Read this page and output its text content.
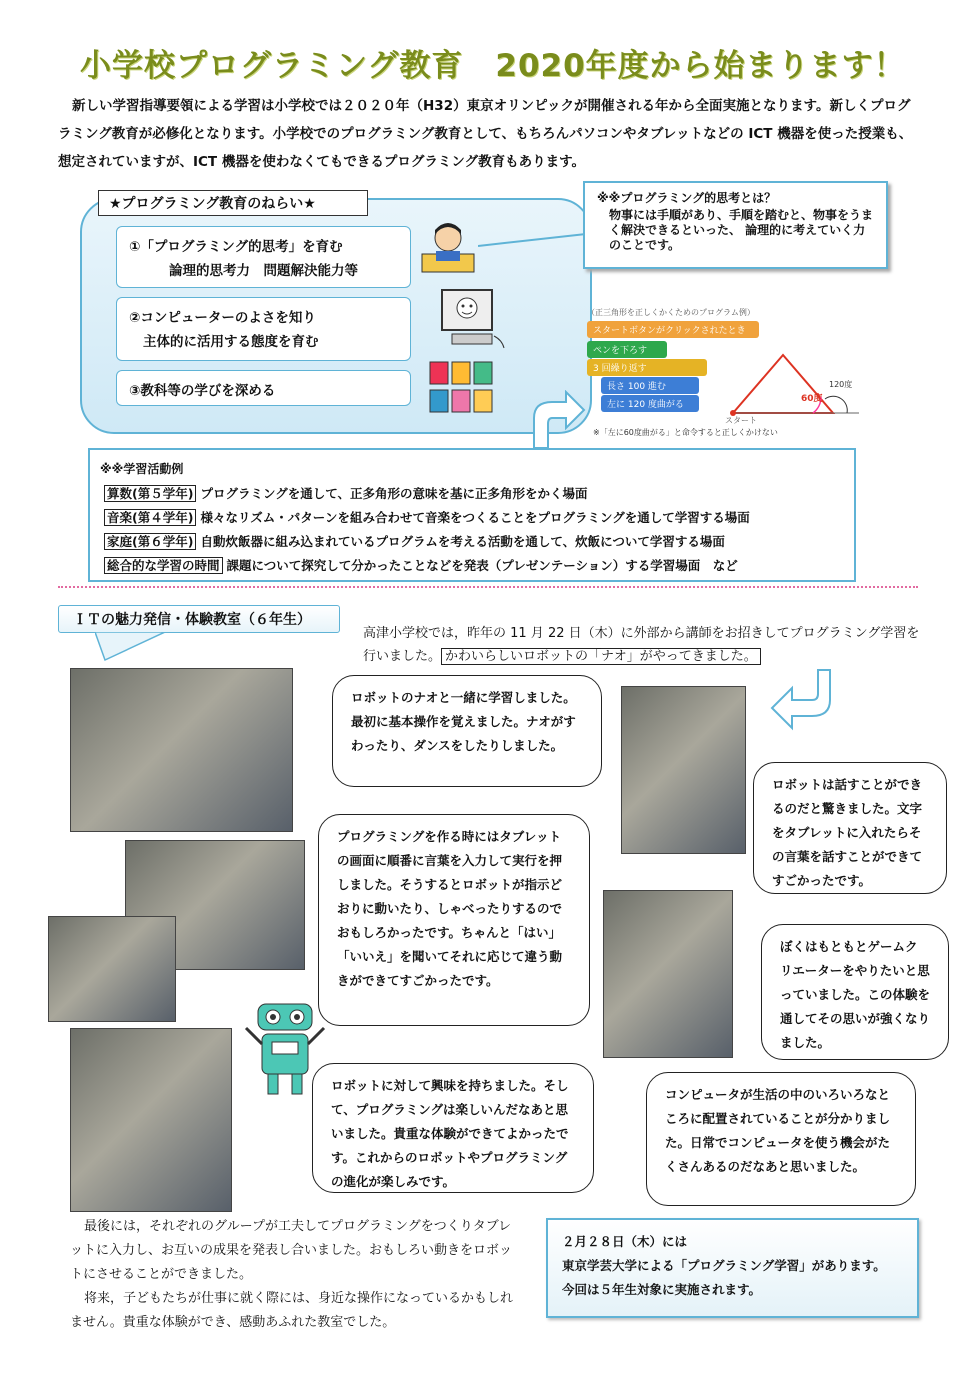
小学校プログラミング教育　2020年度から始まります！

新しい学習指導要領による学習は小学校では２０２０年（H32）東京オリンピックが開催される年から全面実施となります。新しくプログラミング教育が必修化となります。小学校でのプログラミング教育として、もちろんパソコンやタブレットなどの ICT 機器を使った授業も、想定されていますが、ICT 機器を使わなくてもできるプログラミング教育もあります。

★プログラミング教育のねらい★
①「プログラミング的思考」を育む
論理的思考力　問題解決能力等
②コンピューターのよさを知り
主体的に活用する態度を育む
③教科等の学びを深める
※※プログラミング的思考とは？
物事には手順があり、手順を踏むと、物事をうまく解決できるといった、 論理的に考えていく力のことです。
（正三角形を正しくかくためのプログラム例）
スタートボタンがクリックされたとき
ペンを下ろす
3 回繰り返す
長さ 100 進む
左に 120 度曲がる
スタート
60度
120度
※「左に60度曲がる」と命令すると正しくかけない
※※学習活動例
算数(第５学年) プログラミングを通して、正多角形の意味を基に正多角形をかく場面
音楽(第４学年) 様々なリズム・パターンを組み合わせて音楽をつくることをプログラミングを通して学習する場面
家庭(第６学年) 自動炊飯器に組み込まれているプログラムを考える活動を通して、炊飯について学習する場面
総合的な学習の時間 課題について探究して分かったことなどを発表（プレゼンテーション）する学習場面　など
ＩＴの魅力発信・体験教室（６年生）
高津小学校では，昨年の 11 月 22 日（木）に外部から講師をお招きしてプログラミング学習を行いました。 かわいらしいロボットの「ナオ」がやってきました。
ロボットのナオと一緒に学習しました。最初に基本操作を覚えました。ナオがすわったり、ダンスをしたりしました。
ロボットは話すことができるのだと驚きました。文字をタブレットに入れたらその言葉を話すことができてすごかったです。
プログラミングを作る時にはタブレットの画面に順番に言葉を入力して実行を押しました。そうするとロボットが指示どおりに動いたり、しゃべったりするのでおもしろかったです。ちゃんと「はい」「いいえ」を聞いてそれに応じて違う動きができてすごかったです。
ぼくはもともとゲームクリエーターをやりたいと思っていました。この体験を通してその思いが強くなりました。
ロボットに対して興味を持ちました。そして、プログラミングは楽しいんだなあと思いました。貴重な体験ができてよかったです。これからのロボットやプログラミングの進化が楽しみです。
コンピュータが生活の中のいろいろなところに配置されていることが分かりました。日常でコンピュータを使う機会がたくさんあるのだなあと思いました。

最後には，それぞれのグループが工夫してプログラミングをつくりタブレットに入力し、お互いの成果を発表し合いました。おもしろい動きをロボットにさせることができました。

将来，子どもたちが仕事に就く際には、身近な操作になっているかもしれません。貴重な体験ができ、感動あふれた教室でした。

２月２８日（木）には
東京学芸大学による「プログラミング学習」があります。
今回は５年生対象に実施されます。
